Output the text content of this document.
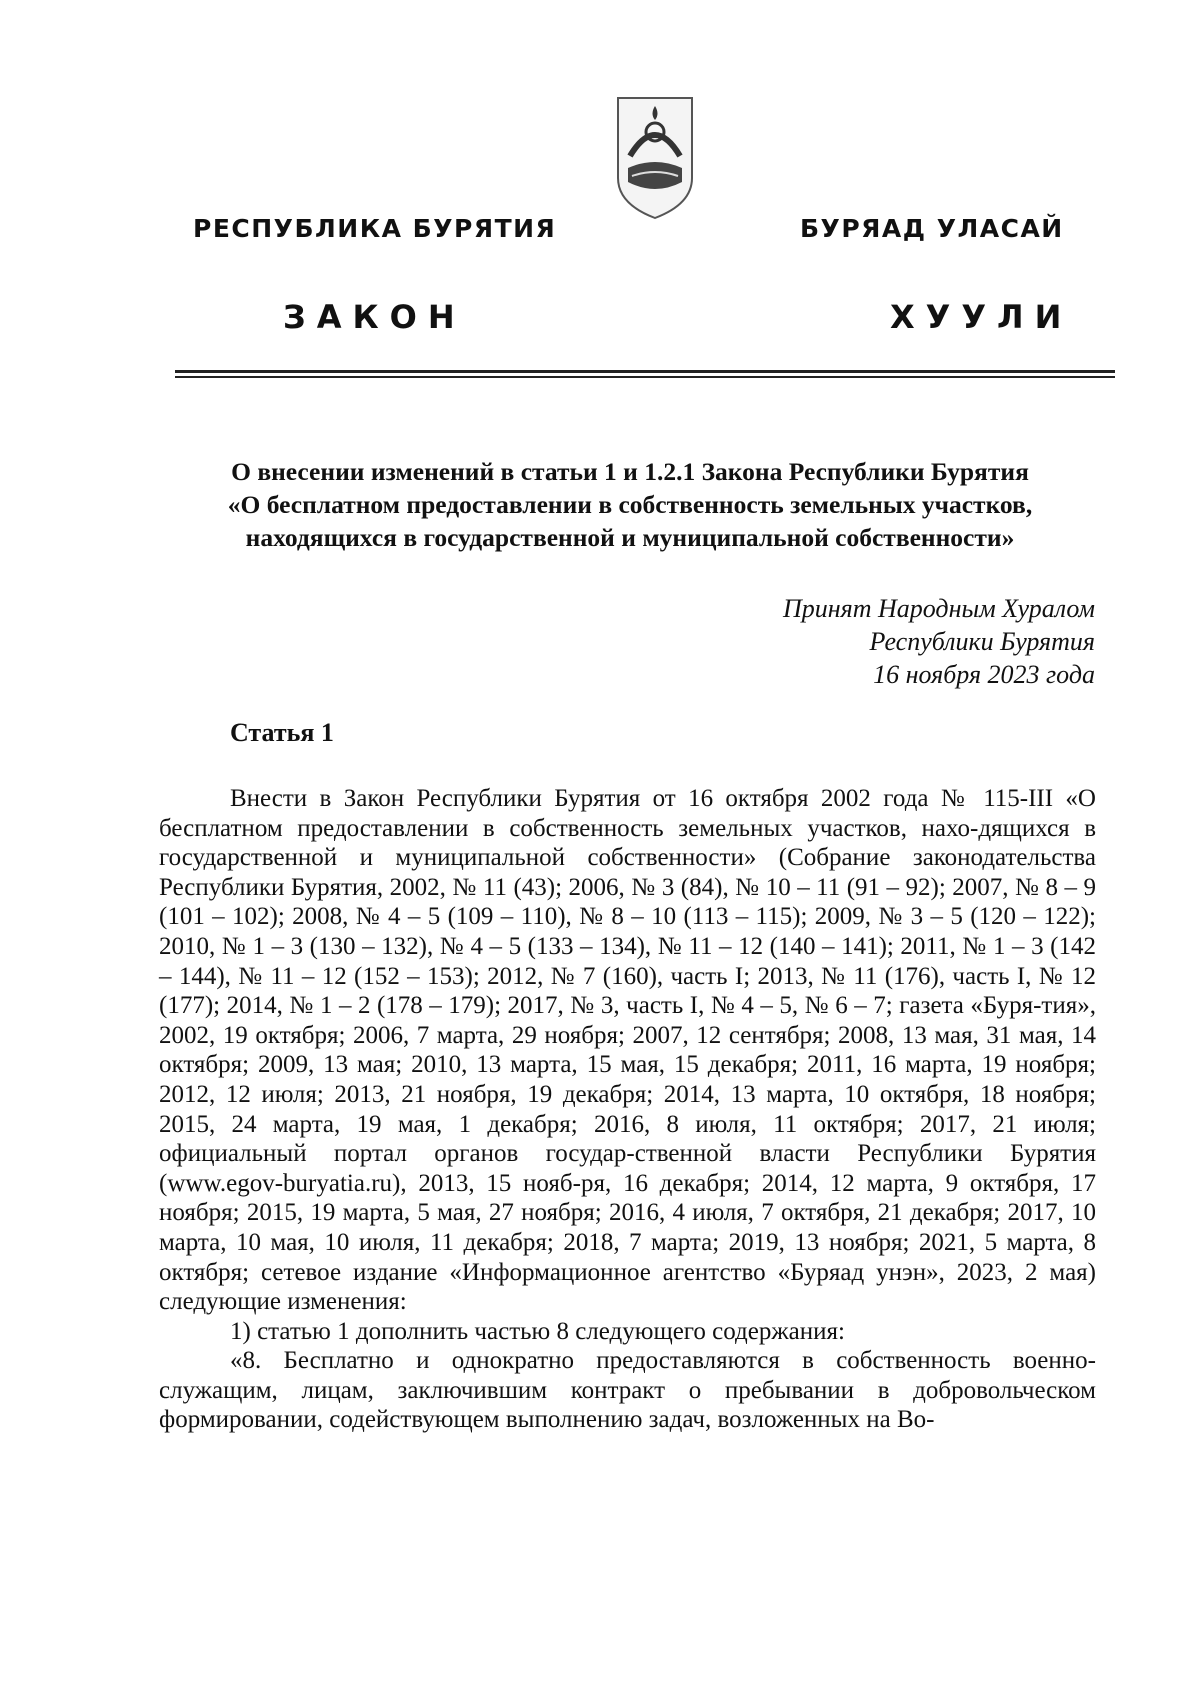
РЕСПУБЛИКА БУРЯТИЯ	БУРЯАД УЛАСАЙ
ЗАКОН	ХУУЛИ
О внесении изменений в статьи 1 и 1.2.1 Закона Республики Бурятия
«О бесплатном предоставлении в собственность земельных участков,
находящихся в государственной и муниципальной собственности»
Принят Народным Хуралом
Республики Бурятия
16 ноября 2023 года
Статья 1

Внести в Закон Республики Бурятия от 16 октября 2002 года № 115-III «О бесплатном предоставлении в собственность земельных участков, нахо-дящихся в государственной и муниципальной собственности» (Собрание законодательства Республики Бурятия, 2002, № 11 (43); 2006, № 3 (84), № 10 – 11 (91 – 92); 2007, № 8 – 9 (101 – 102); 2008, № 4 – 5 (109 – 110), № 8 – 10 (113 – 115); 2009, № 3 – 5 (120 – 122); 2010, № 1 – 3 (130 – 132), № 4 – 5 (133 – 134), № 11 – 12 (140 – 141); 2011, № 1 – 3 (142 – 144), № 11 – 12 (152 – 153); 2012, № 7 (160), часть I; 2013, № 11 (176), часть I, № 12 (177); 2014, № 1 – 2 (178 – 179); 2017, № 3, часть I, № 4 – 5, № 6 – 7; газета «Буря-тия», 2002, 19 октября; 2006, 7 марта, 29 ноября; 2007, 12 сентября; 2008, 13 мая, 31 мая, 14 октября; 2009, 13 мая; 2010, 13 марта, 15 мая, 15 декабря; 2011, 16 марта, 19 ноября; 2012, 12 июля; 2013, 21 ноября, 19 декабря; 2014, 13 марта, 10 октября, 18 ноября; 2015, 24 марта, 19 мая, 1 декабря; 2016, 8 июля, 11 октября; 2017, 21 июля; официальный портал органов государ-ственной власти Республики Бурятия (www.egov-buryatia.ru), 2013, 15 нояб-ря, 16 декабря; 2014, 12 марта, 9 октября, 17 ноября; 2015, 19 марта, 5 мая, 27 ноября; 2016, 4 июля, 7 октября, 21 декабря; 2017, 10 марта, 10 мая, 10 июля, 11 декабря; 2018, 7 марта; 2019, 13 ноября; 2021, 5 марта, 8 октября; сетевое издание «Информационное агентство «Буряад унэн», 2023, 2 мая) следующие изменения:

1) статью 1 дополнить частью 8 следующего содержания:

«8. Бесплатно и однократно предоставляются в собственность военно-служащим, лицам, заключившим контракт о пребывании в добровольческом формировании, содействующем выполнению задач, возложенных на Во-
